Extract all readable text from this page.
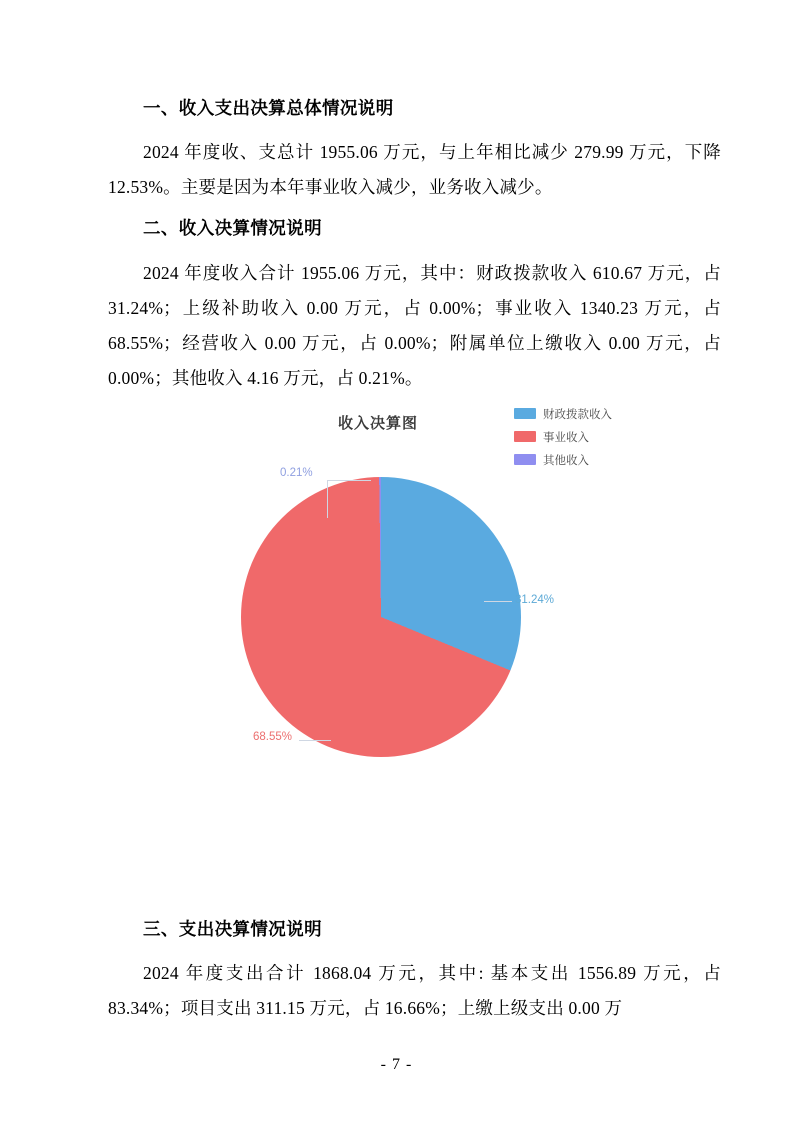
一、收入支出决算总体情况说明

2024 年度收、支总计 1955.06 万元，与上年相比减少 279.99 万元，下降 12.53%。主要是因为本年事业收入减少，业务收入减少。

二、收入决算情况说明

2024 年度收入合计 1955.06 万元，其中：财政拨款收入 610.67 万元，占 31.24%；上级补助收入 0.00 万元，占 0.00%；事业收入 1340.23 万元，占 68.55%；经营收入 0.00 万元，占 0.00%；附属单位上缴收入 0.00 万元，占 0.00%；其他收入 4.16 万元，占 0.21%。

收入决算图	财政拨款收入
事业收入
其他收入
31.24%
68.55%
0.21%
三、支出决算情况说明

2024 年度支出合计 1868.04 万元，其中: 基本支出 1556.89 万元，占 83.34%；项目支出 311.15 万元，占 16.66%；上缴上级支出 0.00 万

- 7 -
